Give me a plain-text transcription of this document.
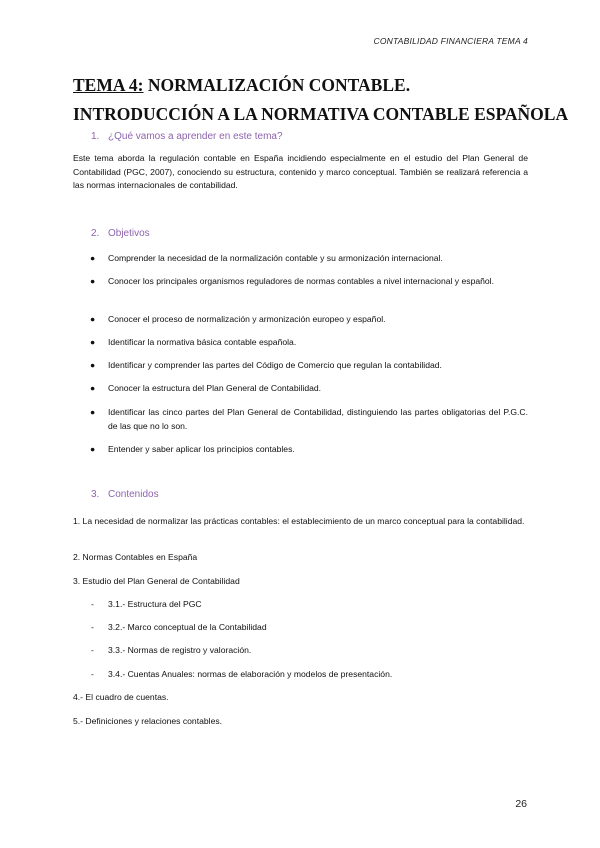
CONTABILIDAD FINANCIERA TEMA 4
TEMA 4: NORMALIZACIÓN CONTABLE.
INTRODUCCIÓN A LA NORMATIVA CONTABLE ESPAÑOLA
1. ¿Qué vamos a aprender en este tema?
Este tema aborda la regulación contable en España incidiendo especialmente en el estudio del Plan General de Contabilidad (PGC, 2007), conociendo su estructura, contenido y marco conceptual. También se realizará referencia a las normas internacionales de contabilidad.
2. Objetivos
● Comprender la necesidad de la normalización contable y su armonización internacional.
● Conocer los principales organismos reguladores de normas contables a nivel internacional y español.
● Conocer el proceso de normalización y armonización europeo y español.
● Identificar la normativa básica contable española.
● Identificar y comprender las partes del Código de Comercio que regulan la contabilidad.
● Conocer la estructura del Plan General de Contabilidad.
● Identificar las cinco partes del Plan General de Contabilidad, distinguiendo las partes obligatorias del P.G.C. de las que no lo son.
● Entender y saber aplicar los principios contables.
3. Contenidos
1. La necesidad de normalizar las prácticas contables: el establecimiento de un marco conceptual para la contabilidad.
2. Normas Contables en España
3. Estudio del Plan General de Contabilidad
- 3.1.- Estructura del PGC
- 3.2.- Marco conceptual de la Contabilidad
- 3.3.- Normas de registro y valoración.
- 3.4.- Cuentas Anuales: normas de elaboración y modelos de presentación.
4.- El cuadro de cuentas.
5.- Definiciones y relaciones contables.
26
